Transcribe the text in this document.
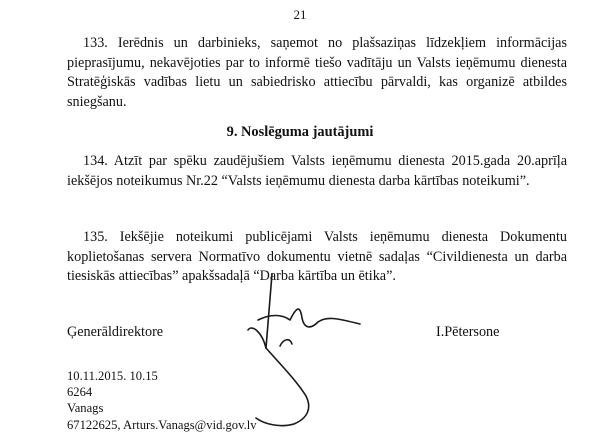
21

133. Ierēdnis un darbinieks, saņemot no plašsaziņas līdzekļiem informācijas pieprasījumu, nekavējoties par to informē tiešo vadītāju un Valsts ieņēmumu dienesta Stratēģiskās vadības lietu un sabiedrisko attiecību pārvaldi, kas organizē atbildes sniegšanu.

9. Noslēguma jautājumi

134. Atzīt par spēku zaudējušiem Valsts ieņēmumu dienesta 2015.gada 20.aprīļa iekšējos noteikumus Nr.22 “Valsts ieņēmumu dienesta darba kārtības noteikumi”.

135. Iekšējie noteikumi publicējami Valsts ieņēmumu dienesta Dokumentu koplietošanas servera Normatīvo dokumentu vietnē sadaļas “Civildienesta un darba tiesiskās attiecības” apakšsadaļā “Darba kārtība un ētika”.

Ģenerāldirektore	I.Pētersone
10.11.2015. 10.15
6264
Vanags
67122625, Arturs.Vanags@vid.gov.lv
